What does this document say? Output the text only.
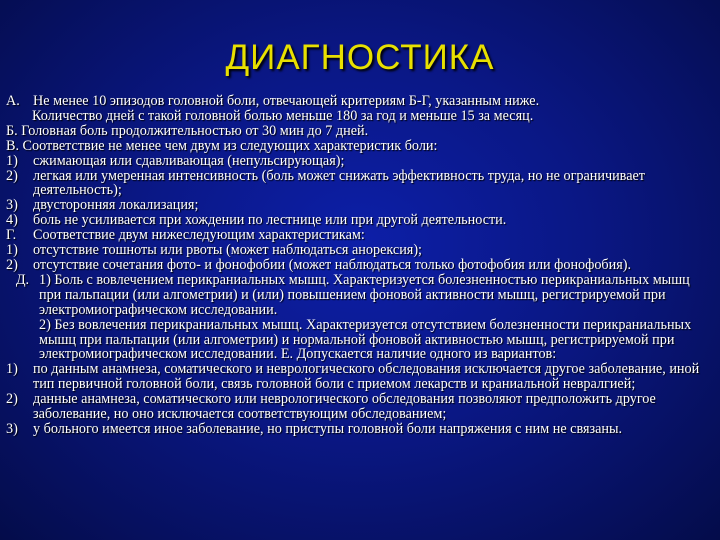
ДИАГНОСТИКА
А. Не менее 10 эпизодов головной боли, отвечающей критериям Б-Г, указанным ниже.
Количество дней с такой головной болью меньше 180 за год и меньше 15 за месяц.
Б. Головная боль продолжительностью от 30 мин до 7 дней.
В. Соответствие не менее чем двум из следующих характеристик боли:
1)	сжимающая или сдавливающая (непульсирующая);
2)	легкая или умеренная интенсивность (боль может снижать эффективность труда, но не ограничивает деятельность);
3)	двусторонняя локализация;
4)	боль не усиливается при хождении по лестнице или при другой деятельности.
Г.	Соответствие двум нижеследующим характеристикам:
1)	отсутствие тошноты или рвоты (может наблюдаться анорексия);
2)	отсутствие сочетания фото- и фонофобии (может наблюдаться только фотофобия или фонофобия).
Д. 1) Боль с вовлечением перикраниальных мышц. Характеризуется болезненностью перикраниальных мышц при пальпации (или алгометрии) и (или) повышением фоновой активности мышц, регистрируемой при электромиографическом исследовании.
2) Без вовлечения перикраниальных мышц. Характеризуется отсутствием болезненности перикраниальных мышц при пальпации (или алгометрии) и нормальной фоновой активностью мышц, регистрируемой при электромиографическом исследовании. Е. Допускается наличие одного из вариантов:
1)	по данным анамнеза, соматического и неврологического обследования исключается другое заболевание, иной тип первичной головной боли, связь головной боли с приемом лекарств и краниальной невралгией;
2)	данные анамнеза, соматического или неврологического обследования позволяют предположить другое заболевание, но оно исключается соответствующим обследованием;
3)	у больного имеется иное заболевание, но приступы головной боли напряжения с ним не связаны.
